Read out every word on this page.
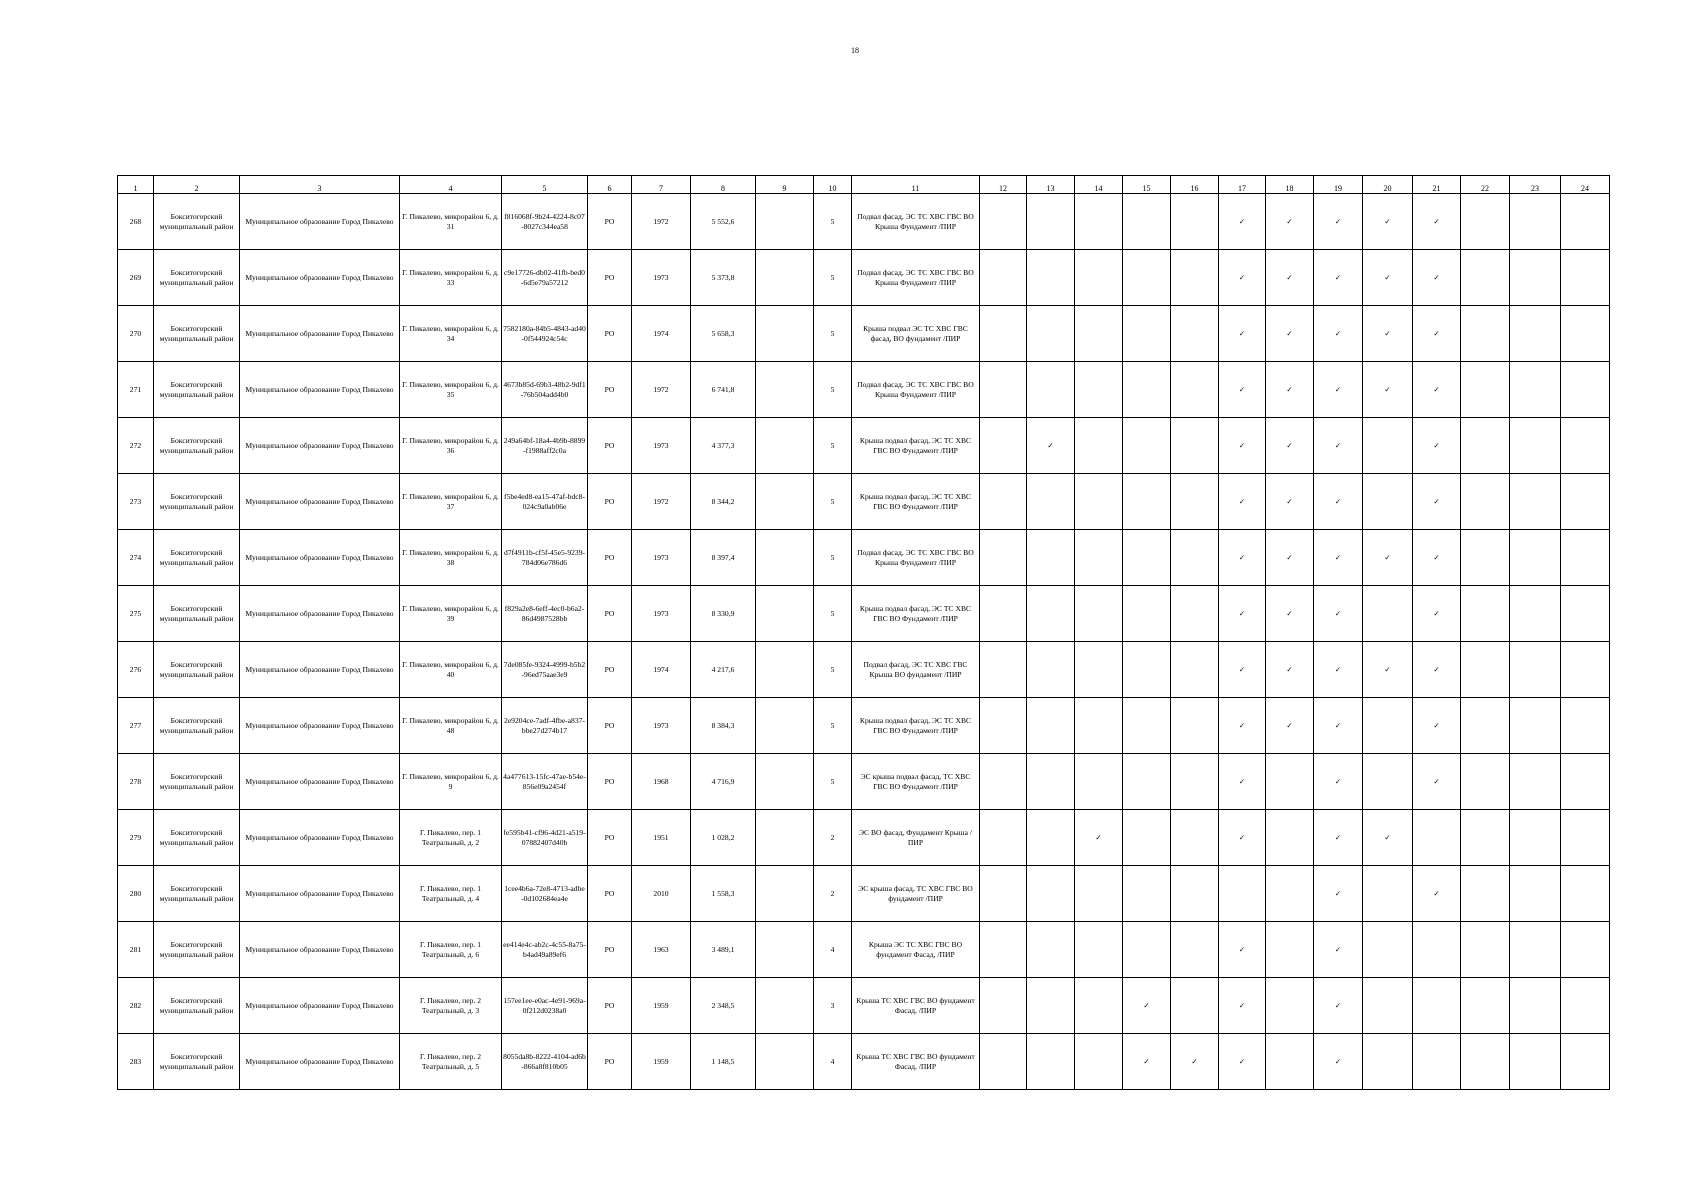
18
1	2	3	4	5	6	7	8	9	10	11	12	13	14	15	16	17	18	19	20	21	22	23	24
268	Бокситогорский муниципальный район	Муниципальное образование Город Пикалево	Г. Пикалево, микрорайон 6, д. 31	f816068f-9b24-4224-8c07-8027c344ea58	РО	1972	5 552,6		5	Подвал фасад, ЭС ТС ХВС ГВС ВО Крыша Фундамент /ПИР						✓	✓	✓	✓	✓			
269	Бокситогорский муниципальный район	Муниципальное образование Город Пикалево	Г. Пикалево, микрорайон 6, д. 33	c9e17726-db02-41fb-bed0-6d5e79a57212	РО	1973	5 373,8		5	Подвал фасад, ЭС ТС ХВС ГВС ВО Крыша Фундамент /ПИР						✓	✓	✓	✓	✓			
270	Бокситогорский муниципальный район	Муниципальное образование Город Пикалево	Г. Пикалево, микрорайон 6, д. 34	7582180a-84b5-4843-ad40-0f544924c54c	РО	1974	5 658,3		5	Крыша подвал ЭС ТС ХВС ГВС фасад, ВО фундамент /ПИР						✓	✓	✓	✓	✓			
271	Бокситогорский муниципальный район	Муниципальное образование Город Пикалево	Г. Пикалево, микрорайон 6, д. 35	4673b85d-69b3-48b2-9df1-76b504add4b0	РО	1972	6 741,8		5	Подвал фасад, ЭС ТС ХВС ГВС ВО Крыша Фундамент /ПИР						✓	✓	✓	✓	✓			
272	Бокситогорский муниципальный район	Муниципальное образование Город Пикалево	Г. Пикалево, микрорайон 6, д. 36	249a64bf-18a4-4b9b-8899-f1988aff2c0a	РО	1973	4 377,3		5	Крыша подвал фасад, ЭС ТС ХВС ГВС ВО Фундамент /ПИР		✓				✓	✓	✓		✓			
273	Бокситогорский муниципальный район	Муниципальное образование Город Пикалево	Г. Пикалево, микрорайон 6, д. 37	f5be4ed8-ea15-47af-bdc8-024c9a0ab06e	РО	1972	8 344,2		5	Крыша подвал фасад, ЭС ТС ХВС ГВС ВО Фундамент /ПИР						✓	✓	✓		✓			
274	Бокситогорский муниципальный район	Муниципальное образование Город Пикалево	Г. Пикалево, микрорайон 6, д. 38	d7f4911b-cf5f-45e5-9239-784d06e786d6	РО	1973	8 397,4		5	Подвал фасад, ЭС ТС ХВС ГВС ВО Крыша Фундамент /ПИР						✓	✓	✓	✓	✓			
275	Бокситогорский муниципальный район	Муниципальное образование Город Пикалево	Г. Пикалево, микрорайон 6, д. 39	f829a2e8-6eff-4ec0-b6a2-86d4987528bb	РО	1973	8 330,9		5	Крыша подвал фасад, ЭС ТС ХВС ГВС ВО Фундамент /ПИР						✓	✓	✓		✓			
276	Бокситогорский муниципальный район	Муниципальное образование Город Пикалево	Г. Пикалево, микрорайон 6, д. 40	7de085fe-9324-4999-b5b2-96ed75aae3e9	РО	1974	4 217,6		5	Подвал фасад, ЭС ТС ХВС ГВС Крыша ВО фундамент /ПИР						✓	✓	✓	✓	✓			
277	Бокситогорский муниципальный район	Муниципальное образование Город Пикалево	Г. Пикалево, микрорайон 6, д. 48	2e9204ce-7adf-4fbe-a837-bbe27d274b17	РО	1973	8 384,3		5	Крыша подвал фасад, ЭС ТС ХВС ГВС ВО Фундамент /ПИР						✓	✓	✓		✓			
278	Бокситогорский муниципальный район	Муниципальное образование Город Пикалево	Г. Пикалево, микрорайон 6, д. 9	4a477613-15fc-47ae-b54e-856e09a2454f	РО	1968	4 716,9		5	ЭС крыша подвал фасад, ТС ХВС ГВС ВО Фундамент /ПИР						✓		✓		✓			
279	Бокситогорский муниципальный район	Муниципальное образование Город Пикалево	Г. Пикалево, пер. 1 Театральный, д. 2	fe595b41-cf96-4d21-a519-07882407d40b	РО	1951	1 028,2		2	ЭС ВО фасад, Фундамент Крыша /ПИР			✓			✓		✓	✓				
280	Бокситогорский муниципальный район	Муниципальное образование Город Пикалево	Г. Пикалево, пер. 1 Театральный, д. 4	1cee4b6a-72e8-4713-adbe-0d102684ea4e	РО	2010	1 558,3		2	ЭС крыша фасад, ТС ХВС ГВС ВО фундамент /ПИР								✓		✓			
281	Бокситогорский муниципальный район	Муниципальное образование Город Пикалево	Г. Пикалево, пер. 1 Театральный, д. 6	ee414e4c-ab2c-4c55-8a75-b4ad49a89ef6	РО	1963	3 489,1		4	Крыша ЭС ТС ХВС ГВС ВО фундамент Фасад, /ПИР						✓		✓					
282	Бокситогорский муниципальный район	Муниципальное образование Город Пикалево	Г. Пикалево, пер. 2 Театральный, д. 3	157ee1ee-e0ac-4e91-969a-0f212d0238a0	РО	1959	2 348,5		3	Крыша ТС ХВС ГВС ВО фундамент Фасад, /ПИР				✓		✓		✓					
283	Бокситогорский муниципальный район	Муниципальное образование Город Пикалево	Г. Пикалево, пер. 2 Театральный, д. 5	8055da8b-8222-4104-ad6b-866a8f810b05	РО	1959	1 148,5		4	Крыша ТС ХВС ГВС ВО фундамент Фасад, /ПИР				✓	✓	✓		✓					
